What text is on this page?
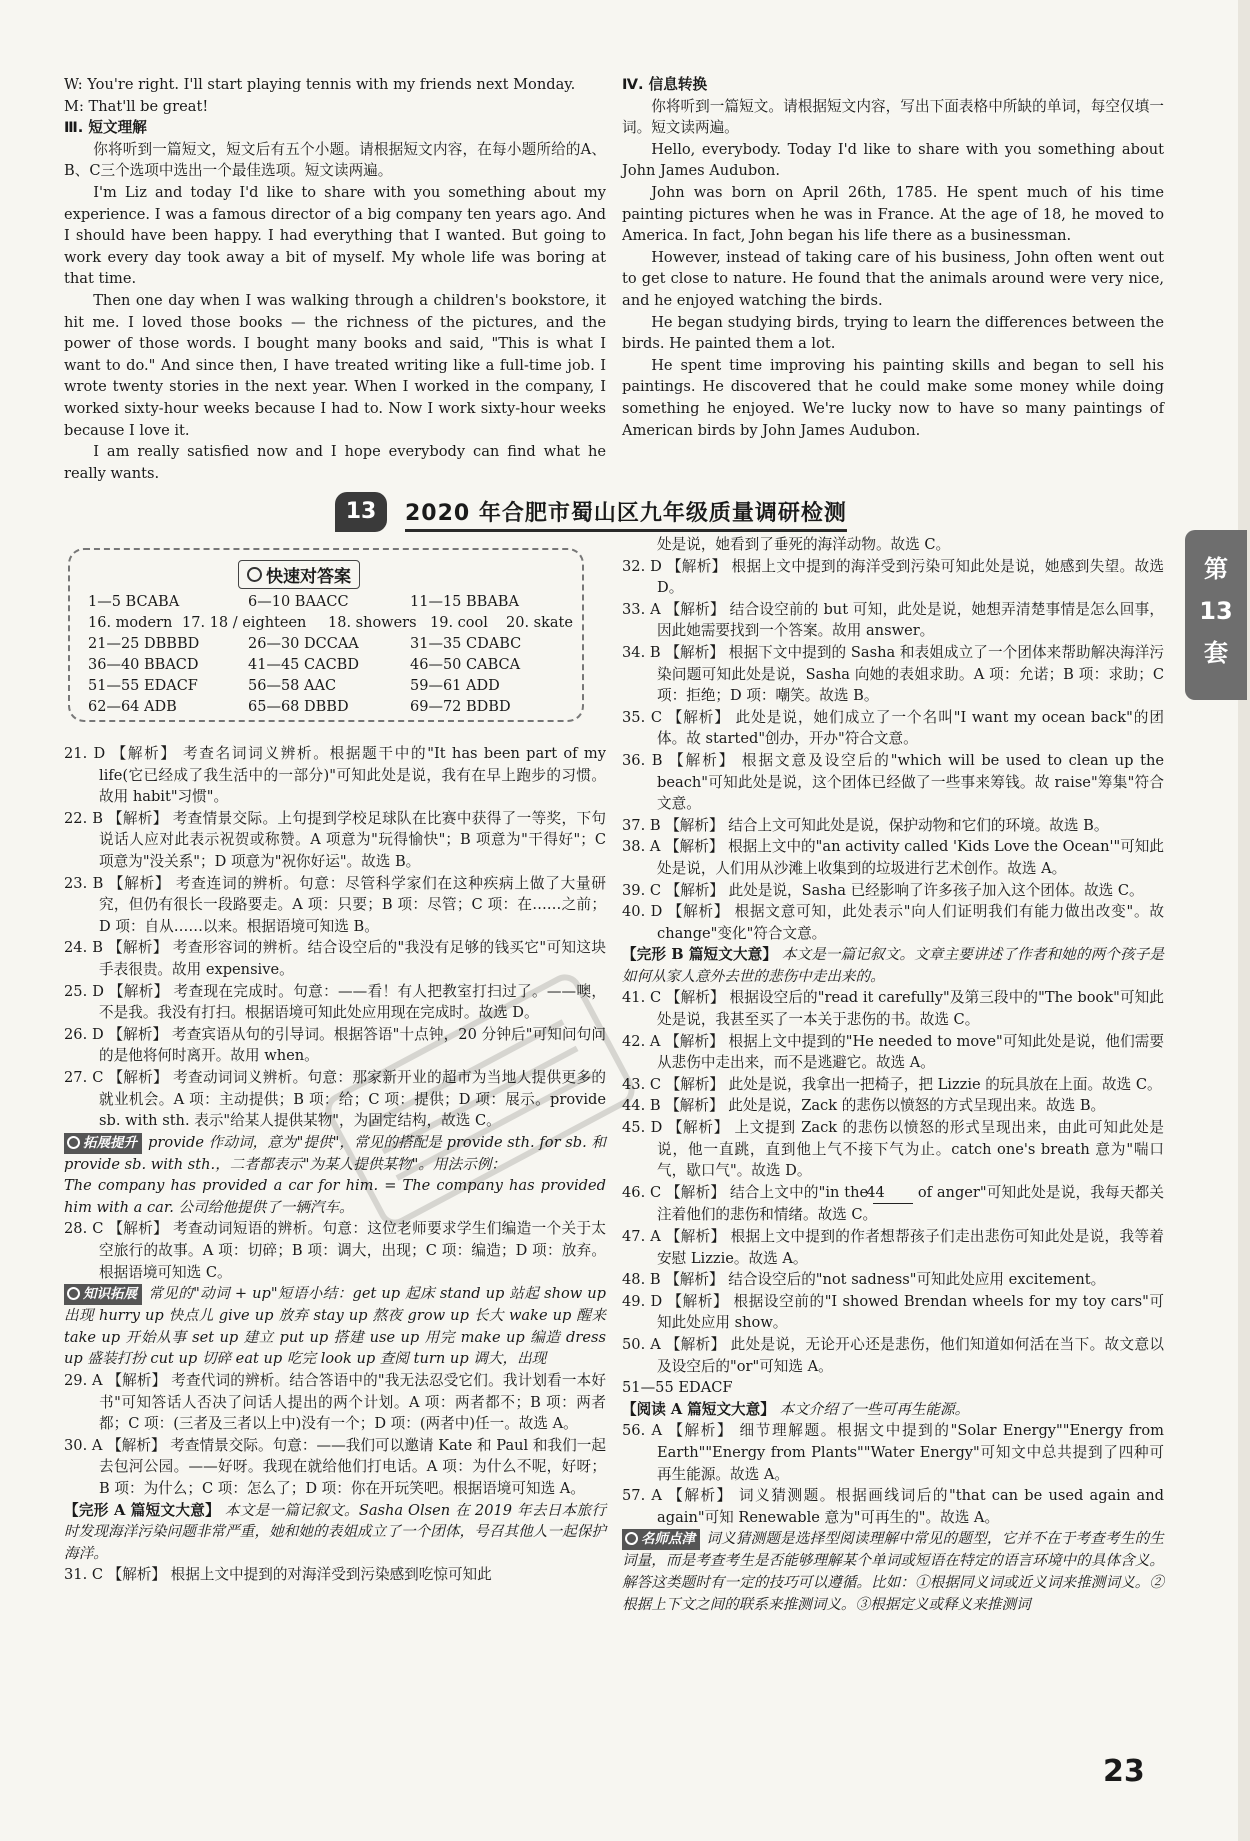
W: You're right. I'll start playing tennis with my friends next Monday.

M: That'll be great!

Ⅲ. 短文理解

你将听到一篇短文，短文后有五个小题。请根据短文内容，在每小题所给的A、B、C三个选项中选出一个最佳选项。短文读两遍。

I'm Liz and today I'd like to share with you something about my experience. I was a famous director of a big company ten years ago. And I should have been happy. I had everything that I wanted. But going to work every day took away a bit of myself. My whole life was boring at that time.

Then one day when I was walking through a children's bookstore, it hit me. I loved those books — the richness of the pictures, and the power of those words. I bought many books and said, "This is what I want to do." And since then, I have treated writing like a full-time job. I wrote twenty stories in the next year. When I worked in the company, I worked sixty-hour weeks because I had to. Now I work sixty-hour weeks because I love it.

I am really satisfied now and I hope everybody can find what he really wants.

Ⅳ. 信息转换

你将听到一篇短文。请根据短文内容，写出下面表格中所缺的单词，每空仅填一词。短文读两遍。

Hello, everybody. Today I'd like to share with you something about John James Audubon.

John was born on April 26th, 1785. He spent much of his time painting pictures when he was in France. At the age of 18, he moved to America. In fact, John began his life there as a businessman.

However, instead of taking care of his business, John often went out to get close to nature. He found that the animals around were very nice, and he enjoyed watching the birds.

He began studying birds, trying to learn the differences between the birds. He painted them a lot.

He spent time improving his painting skills and began to sell his paintings. He discovered that he could make some money while doing something he enjoyed. We're lucky now to have so many paintings of American birds by John James Audubon.

13	2020 年合肥市蜀山区九年级质量调研检测
快速对答案
1—5 BCABA	6—10 BAACC	11—15 BBABA
16. modern 17. 18 / eighteen 18. showers 19. cool 20. skate
21—25 DBBBD	26—30 DCCAA	31—35 CDABC
36—40 BBACD	41—45 CACBD	46—50 CABCA
51—55 EDACF	56—58 AAC	59—61 ADD
62—64 ADB	65—68 DBBD	69—72 BDBD

21. D 【解析】 考查名词词义辨析。根据题干中的"It has been part of my life(它已经成了我生活中的一部分)"可知此处是说，我有在早上跑步的习惯。故用 habit"习惯"。

22. B 【解析】 考查情景交际。上句提到学校足球队在比赛中获得了一等奖，下句说话人应对此表示祝贺或称赞。A 项意为"玩得愉快"；B 项意为"干得好"；C 项意为"没关系"；D 项意为"祝你好运"。故选 B。

23. B 【解析】 考查连词的辨析。句意：尽管科学家们在这种疾病上做了大量研究，但仍有很长一段路要走。A 项：只要；B 项：尽管；C 项：在……之前；D 项：自从……以来。根据语境可知选 B。

24. B 【解析】 考查形容词的辨析。结合设空后的"我没有足够的钱买它"可知这块手表很贵。故用 expensive。

25. D 【解析】 考查现在完成时。句意：——看！有人把教室打扫过了。——噢，不是我。我没有打扫。根据语境可知此处应用现在完成时。故选 D。

26. D 【解析】 考查宾语从句的引导词。根据答语"十点钟，20 分钟后"可知问句问的是他将何时离开。故用 when。

27. C 【解析】 考查动词词义辨析。句意：那家新开业的超市为当地人提供更多的就业机会。A 项：主动提供；B 项：给；C 项：提供；D 项：展示。provide sb. with sth. 表示"给某人提供某物"，为固定结构，故选 C。

拓展提升 provide 作动词，意为"提供"，常见的搭配是 provide sth. for sb. 和 provide sb. with sth.，二者都表示"为某人提供某物"。用法示例：

The company has provided a car for him. = The company has provided him with a car. 公司给他提供了一辆汽车。

28. C 【解析】 考查动词短语的辨析。句意：这位老师要求学生们编造一个关于太空旅行的故事。A 项：切碎；B 项：调大，出现；C 项：编造；D 项：放弃。根据语境可知选 C。

知识拓展 常见的"动词 + up"短语小结：get up 起床 stand up 站起 show up 出现 hurry up 快点儿 give up 放弃 stay up 熬夜 grow up 长大 wake up 醒来 take up 开始从事 set up 建立 put up 搭建 use up 用完 make up 编造 dress up 盛装打扮 cut up 切碎 eat up 吃完 look up 查阅 turn up 调大，出现

29. A 【解析】 考查代词的辨析。结合答语中的"我无法忍受它们。我计划看一本好书"可知答话人否决了问话人提出的两个计划。A 项：两者都不；B 项：两者都；C 项：(三者及三者以上中)没有一个；D 项：(两者中)任一。故选 A。

30. A 【解析】 考查情景交际。句意：——我们可以邀请 Kate 和 Paul 和我们一起去包河公园。——好呀。我现在就给他们打电话。A 项：为什么不呢，好呀；B 项：为什么；C 项：怎么了；D 项：你在开玩笑吧。根据语境可知选 A。

【完形 A 篇短文大意】 本文是一篇记叙文。Sasha Olsen 在 2019 年去日本旅行时发现海洋污染问题非常严重，她和她的表姐成立了一个团体，号召其他人一起保护海洋。

31. C 【解析】 根据上文中提到的对海洋受到污染感到吃惊可知此

处是说，她看到了垂死的海洋动物。故选 C。

32. D 【解析】 根据上文中提到的海洋受到污染可知此处是说，她感到失望。故选 D。

33. A 【解析】 结合设空前的 but 可知，此处是说，她想弄清楚事情是怎么回事，因此她需要找到一个答案。故用 answer。

34. B 【解析】 根据下文中提到的 Sasha 和表姐成立了一个团体来帮助解决海洋污染问题可知此处是说，Sasha 向她的表姐求助。A 项：允诺；B 项：求助；C 项：拒绝；D 项：嘲笑。故选 B。

35. C 【解析】 此处是说，她们成立了一个名叫"I want my ocean back"的团体。故 started"创办，开办"符合文意。

36. B 【解析】 根据文意及设空后的"which will be used to clean up the beach"可知此处是说，这个团体已经做了一些事来筹钱。故 raise"筹集"符合文意。

37. B 【解析】 结合上文可知此处是说，保护动物和它们的环境。故选 B。

38. A 【解析】 根据上文中的"an activity called 'Kids Love the Ocean'"可知此处是说，人们用从沙滩上收集到的垃圾进行艺术创作。故选 A。

39. C 【解析】 此处是说，Sasha 已经影响了许多孩子加入这个团体。故选 C。

40. D 【解析】 根据文意可知，此处表示"向人们证明我们有能力做出改变"。故 change"变化"符合文意。

【完形 B 篇短文大意】 本文是一篇记叙文。文章主要讲述了作者和她的两个孩子是如何从家人意外去世的悲伤中走出来的。

41. C 【解析】 根据设空后的"read it carefully"及第三段中的"The book"可知此处是说，我甚至买了一本关于悲伤的书。故选 C。

42. A 【解析】 根据上文中提到的"He needed to move"可知此处是说，他们需要从悲伤中走出来，而不是逃避它。故选 A。

43. C 【解析】 此处是说，我拿出一把椅子，把 Lizzie 的玩具放在上面。故选 C。

44. B 【解析】 此处是说，Zack 的悲伤以愤怒的方式呈现出来。故选 B。

45. D 【解析】 上文提到 Zack 的悲伤以愤怒的形式呈现出来，由此可知此处是说，他一直跳，直到他上气不接下气为止。catch one's breath 意为"喘口气，歇口气"。故选 D。

46. C 【解析】 结合上文中的"in the 44 of anger"可知此处是说，我每天都关注着他们的悲伤和情绪。故选 C。

47. A 【解析】 根据上文中提到的作者想帮孩子们走出悲伤可知此处是说，我等着安慰 Lizzie。故选 A。

48. B 【解析】 结合设空后的"not sadness"可知此处应用 excitement。

49. D 【解析】 根据设空前的"I showed Brendan wheels for my toy cars"可知此处应用 show。

50. A 【解析】 此处是说，无论开心还是悲伤，他们知道如何活在当下。故文意以及设空后的"or"可知选 A。

51—55 EDACF

【阅读 A 篇短文大意】 本文介绍了一些可再生能源。

56. A 【解析】 细节理解题。根据文中提到的"Solar Energy""Energy from Earth""Energy from Plants""Water Energy"可知文中总共提到了四种可再生能源。故选 A。

57. A 【解析】 词义猜测题。根据画线词后的"that can be used again and again"可知 Renewable 意为"可再生的"。故选 A。

名师点津 词义猜测题是选择型阅读理解中常见的题型，它并不在于考查考生的生词量，而是考查考生是否能够理解某个单词或短语在特定的语言环境中的具体含义。解答这类题时有一定的技巧可以遵循。比如：①根据同义词或近义词来推测词义。②根据上下文之间的联系来推测词义。③根据定义或释义来推测词
第
13
套
23
